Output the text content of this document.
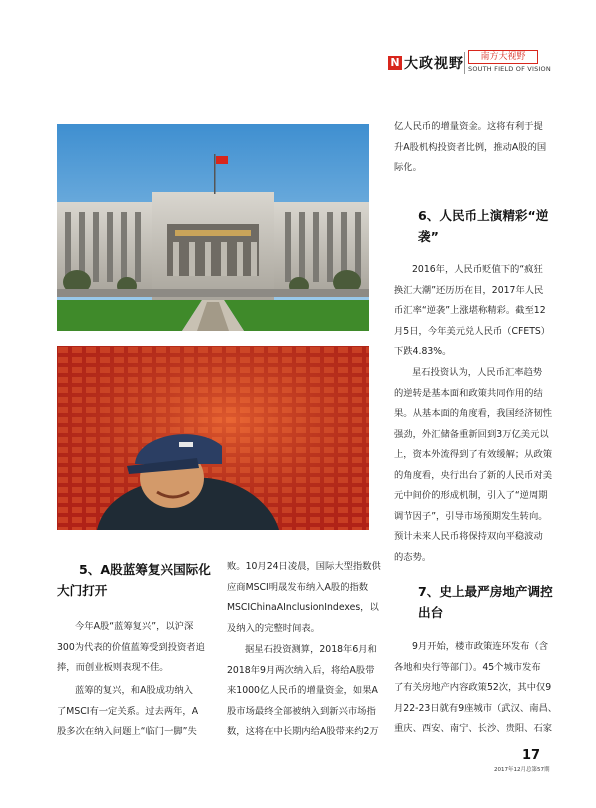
N 大政视野	南方大视野
SOUTH FIELD OF VISION
亿人民币的增量资金。这将有利于提
升A股机构投资者比例，推动A股的国
际化。
6、人民币上演精彩“逆
袭”
2016年，人民币贬值下的“疯狂
换汇大潮”还历历在目，2017年人民
币汇率“逆袭”上涨堪称精彩。截至12
月5日，今年美元兑人民币（CFETS）
下跌4.83%。
星石投资认为，人民币汇率趋势
的逆转是基本面和政策共同作用的结
果。从基本面的角度看，我国经济韧性
强劲，外汇储备重新回到3万亿美元以
上，资本外流得到了有效缓解；从政策
的角度看，央行出台了新的人民币对美
元中间价的形成机制，引入了“逆周期
调节因子”，引导市场预期发生转向。
预计未来人民币将保持双向平稳波动
的态势。
7、史上最严房地产调控
出台
9月开始，楼市政策连环发布（含
各地和央行等部门）。45个城市发布
了有关房地产内容政策52次，其中仅9
月22-23日就有9座城市（武汉、南昌、
重庆、西安、南宁、长沙、贵阳、石家
5、A股蓝筹复兴国际化
大门打开
今年A股“蓝筹复兴”，以沪深
300为代表的价值蓝筹受到投资者追
捧，而创业板则表现不佳。
蓝筹的复兴，和A股成功纳入
了MSCI有一定关系。过去两年，A
股多次在纳入问题上“临门一脚”失
败。10月24日凌晨，国际大型指数供
应商MSCI明晟发布纳入A股的指数
MSCIChinaAInclusionIndexes，以
及纳入的完整时间表。
据星石投资测算，2018年6月和
2018年9月两次纳入后，将给A股带
来1000亿人民币的增量资金，如果A
股市场最终全部被纳入到新兴市场指
数，这将在中长期内给A股带来约2万
17
2017年12月总第57期
